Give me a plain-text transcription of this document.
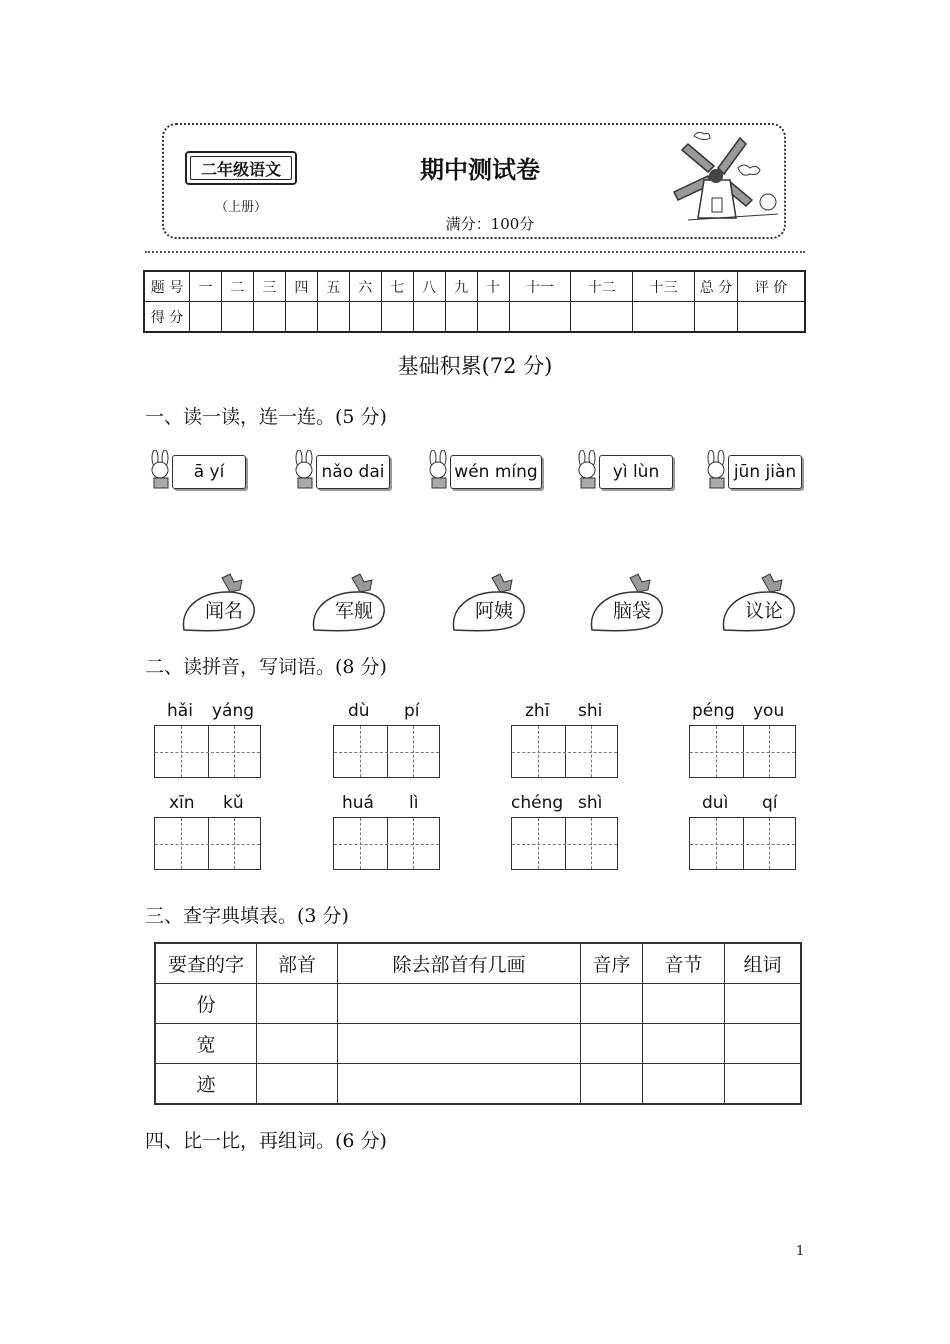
二年级语文
（上册）
期中测试卷
满分：100分
题 号	一	二	三	四	五	六	七	八	九	十	十一	十二	十三	总 分	评 价
得 分															
基础积累(72 分)
一、读一读，连一连。(5 分)
ā yí	nǎo dai	wén míng	yì lùn	jūn jiàn
闻名	军舰	阿姨	脑袋	议论
二、读拼音，写词语。(8 分)
hǎi yáng	dù pí	zhī shi	péng you
xīn kǔ	huá lì	chéng shì	duì qí
三、查字典填表。(3 分)
要查的字	部首	除去部首有几画	音序	音节	组词
份					
宽					
迹					
四、比一比，再组词。(6 分)
1
